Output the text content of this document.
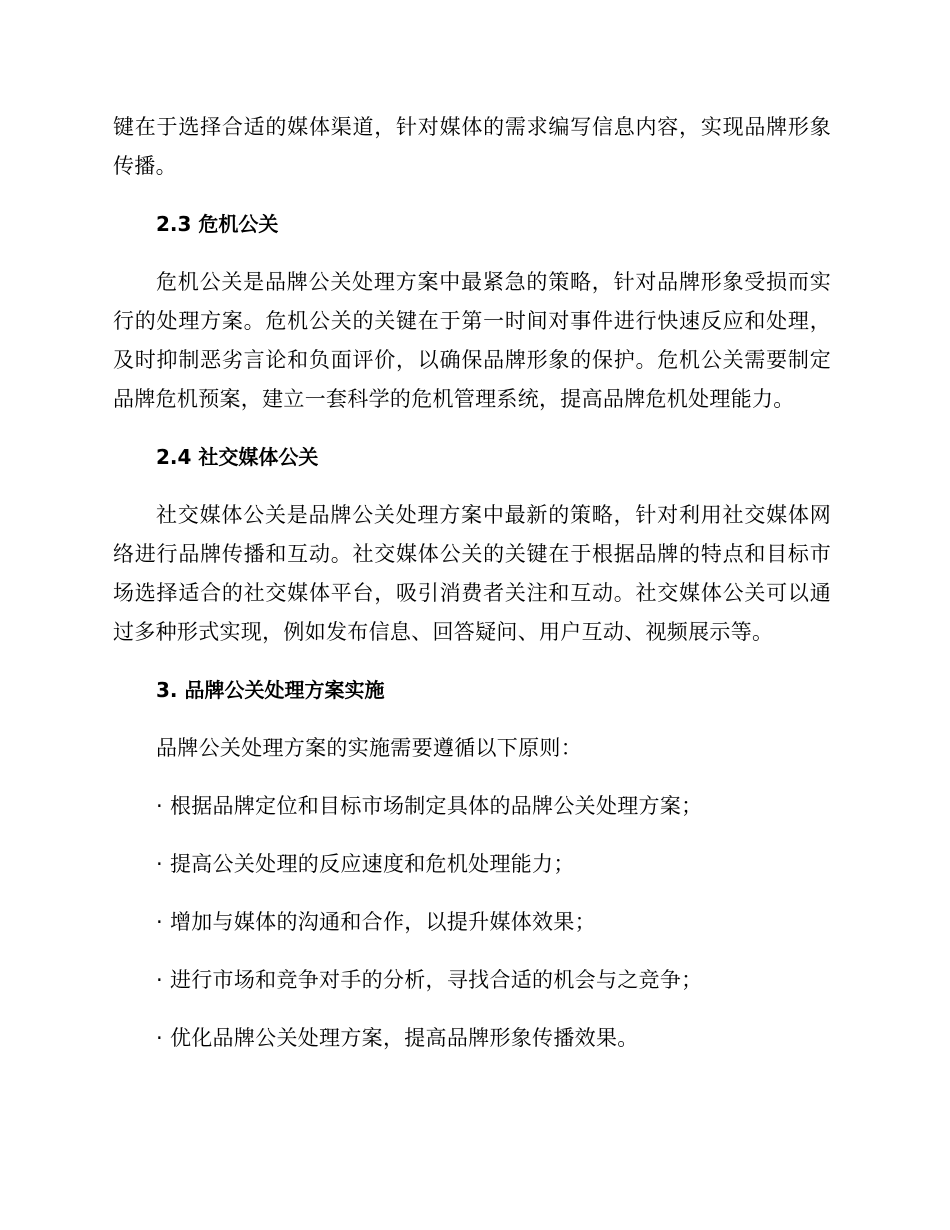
键在于选择合适的媒体渠道，针对媒体的需求编写信息内容，实现品牌形象传播。

2.3 危机公关

危机公关是品牌公关处理方案中最紧急的策略，针对品牌形象受损而实行的处理方案。危机公关的关键在于第一时间对事件进行快速反应和处理，及时抑制恶劣言论和负面评价，以确保品牌形象的保护。危机公关需要制定品牌危机预案，建立一套科学的危机管理系统，提高品牌危机处理能力。

2.4 社交媒体公关

社交媒体公关是品牌公关处理方案中最新的策略，针对利用社交媒体网络进行品牌传播和互动。社交媒体公关的关键在于根据品牌的特点和目标市场选择适合的社交媒体平台，吸引消费者关注和互动。社交媒体公关可以通过多种形式实现，例如发布信息、回答疑问、用户互动、视频展示等。

3. 品牌公关处理方案实施

品牌公关处理方案的实施需要遵循以下原则：

· 根据品牌定位和目标市场制定具体的品牌公关处理方案；

· 提高公关处理的反应速度和危机处理能力；

· 增加与媒体的沟通和合作，以提升媒体效果；

· 进行市场和竞争对手的分析，寻找合适的机会与之竞争；

· 优化品牌公关处理方案，提高品牌形象传播效果。
